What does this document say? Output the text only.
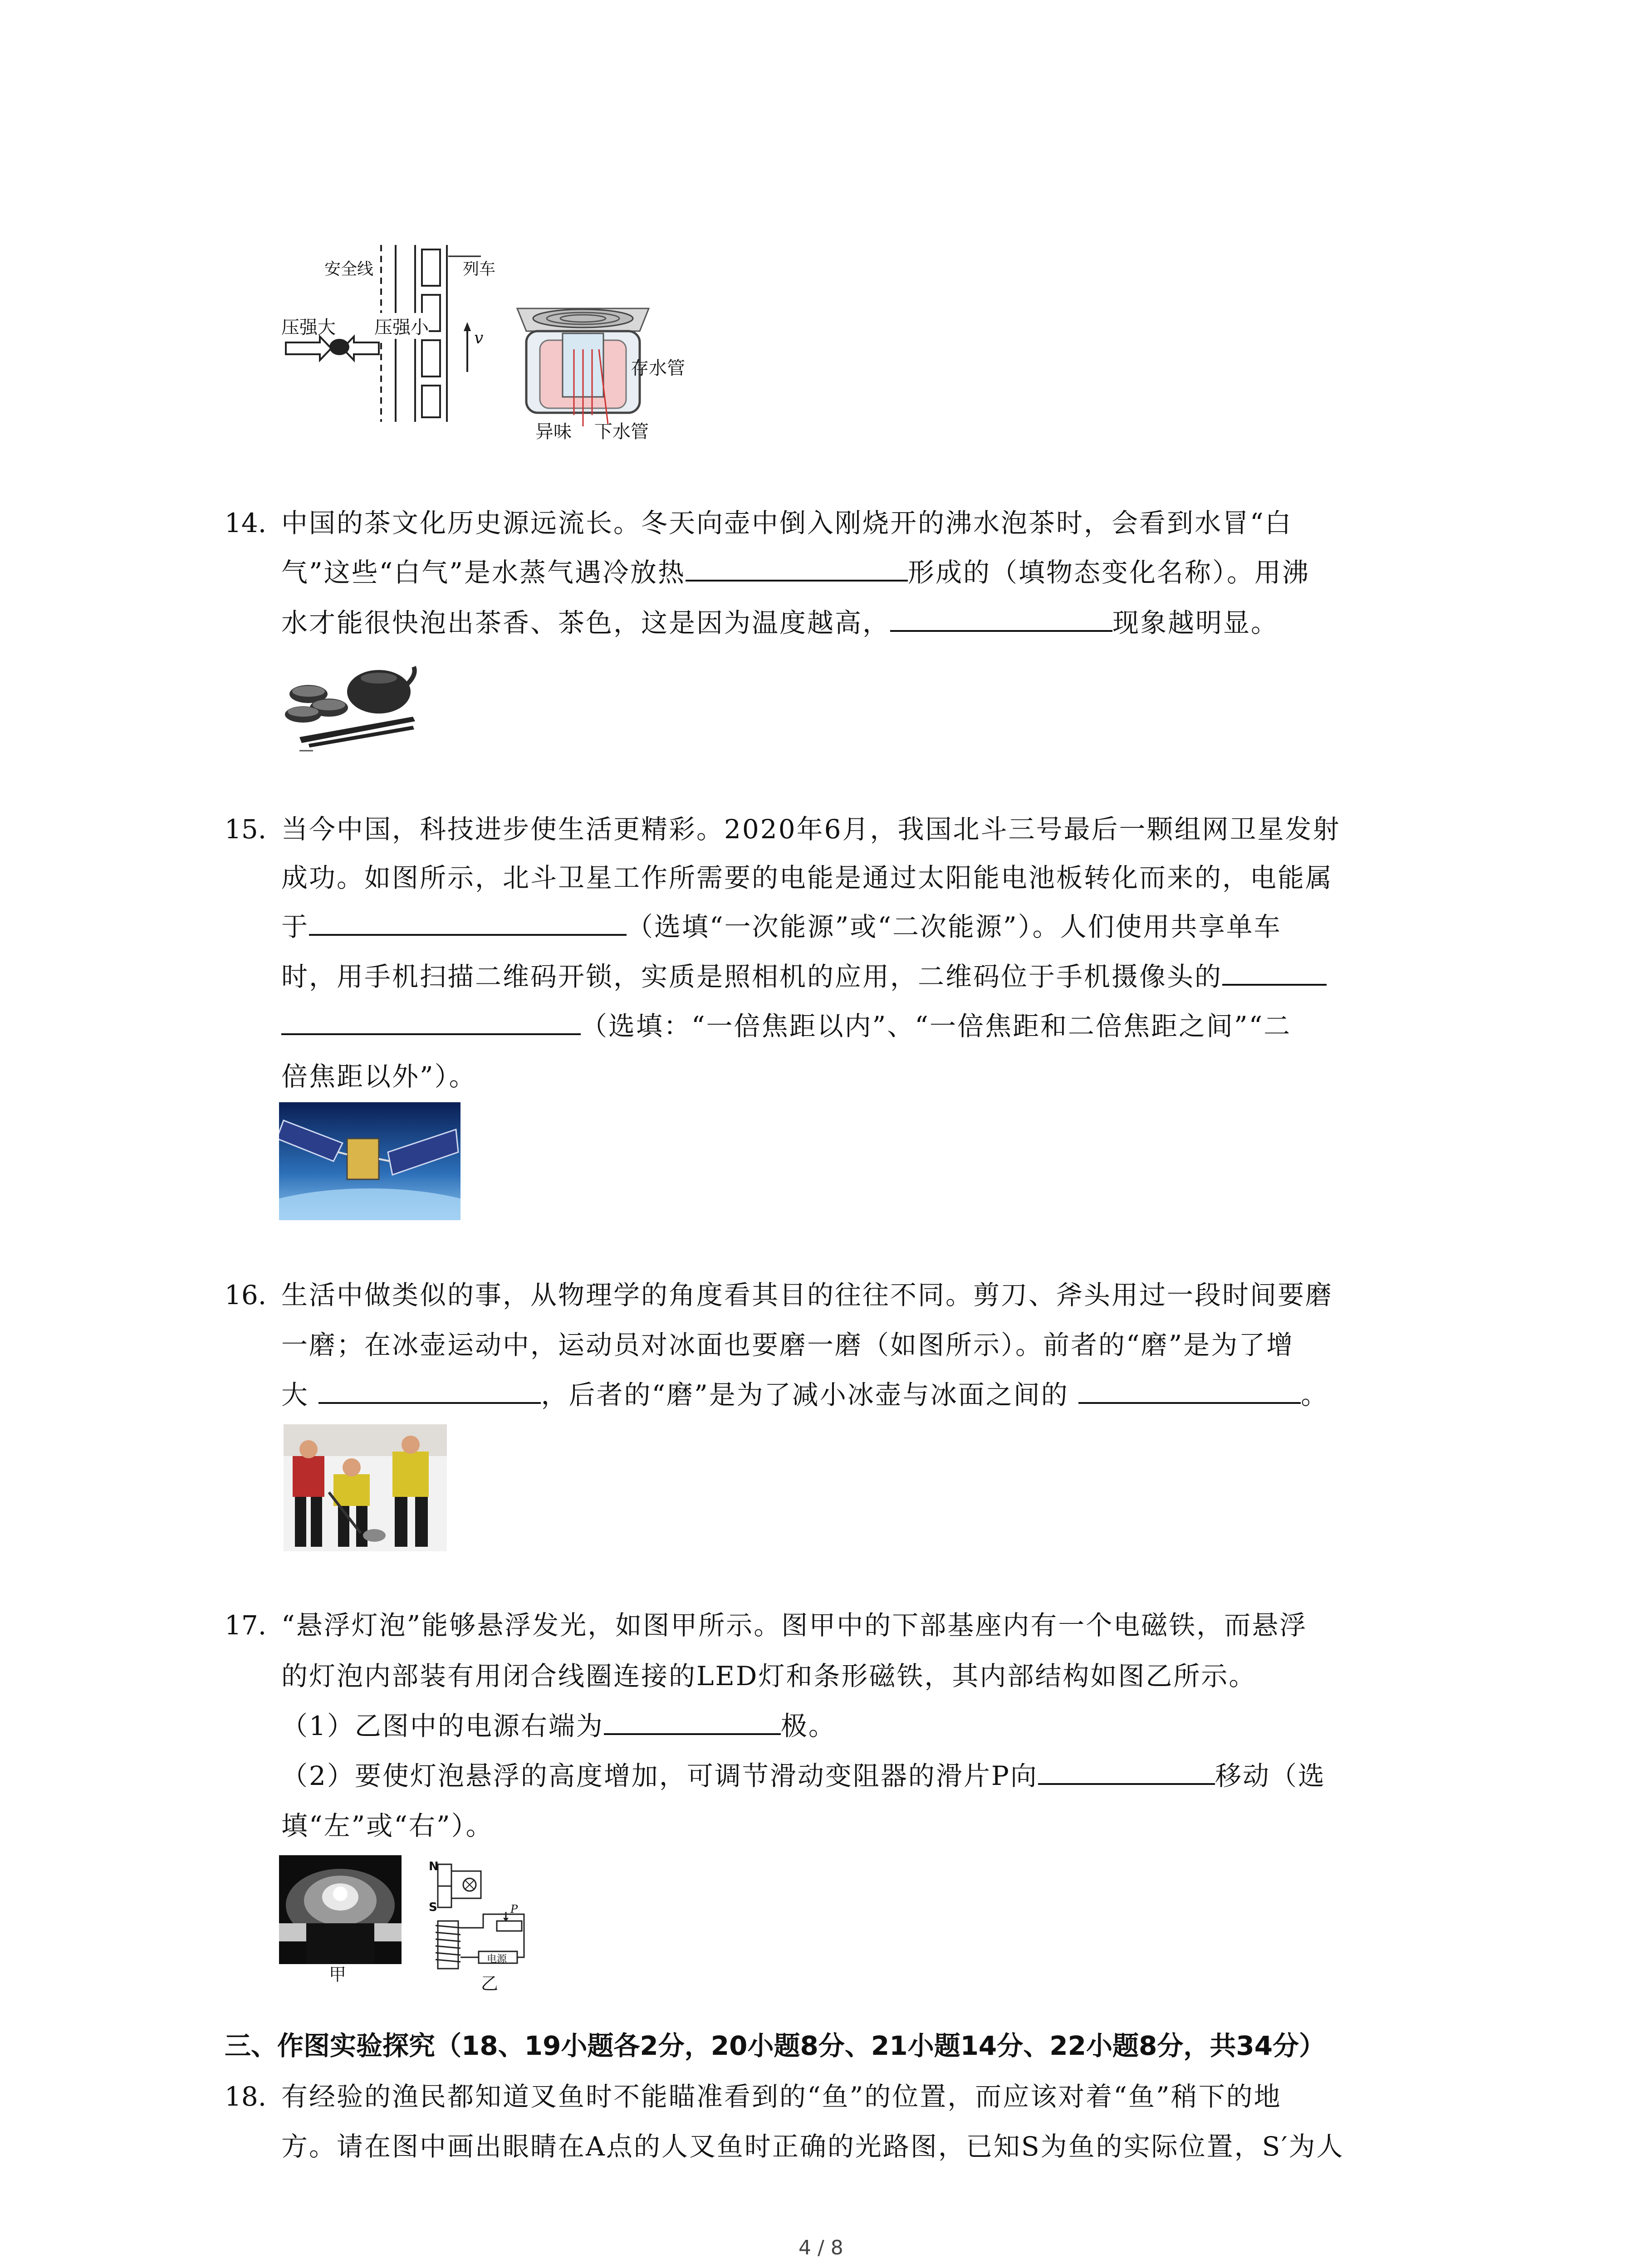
安全线	列车
压强大 压强小
v
存水管
异味 下水管
14. 中国的茶文化历史源远流长。冬天向壶中倒入刚烧开的沸水泡茶时，会看到水冒“白
气”这些“白气”是水蒸气遇冷放热	形成的（填物态变化名称）。用沸
水才能很快泡出茶香、茶色，这是因为温度越高，	现象越明显。
15. 当今中国，科技进步使生活更精彩。2020年6月，我国北斗三号最后一颗组网卫星发射
成功。如图所示，北斗卫星工作所需要的电能是通过太阳能电池板转化而来的，电能属
于	（选填“一次能源”或“二次能源”）。人们使用共享单车
时，用手机扫描二维码开锁，实质是照相机的应用，二维码位于手机摄像头的
（选填：“一倍焦距以内”、“一倍焦距和二倍焦距之间”“二
倍焦距以外”）。
16. 生活中做类似的事，从物理学的角度看其目的往往不同。剪刀、斧头用过一段时间要磨
一磨；在冰壶运动中，运动员对冰面也要磨一磨（如图所示）。前者的“磨”是为了增
大	，后者的“磨”是为了减小冰壶与冰面之间的	。
17. “悬浮灯泡”能够悬浮发光，如图甲所示。图甲中的下部基座内有一个电磁铁，而悬浮
的灯泡内部装有用闭合线圈连接的LED灯和条形磁铁，其内部结构如图乙所示。
（1）乙图中的电源右端为	极。
（2）要使灯泡悬浮的高度增加，可调节滑动变阻器的滑片P向	移动（选
填“左”或“右”）。
甲
N
S	P
电源
乙
三、作图实验探究（18、19小题各2分，20小题8分、21小题14分、22小题8分，共34分）
18. 有经验的渔民都知道叉鱼时不能瞄准看到的“鱼”的位置，而应该对着“鱼”稍下的地
方。请在图中画出眼睛在A点的人叉鱼时正确的光路图，已知S为鱼的实际位置，S′为人
4 / 8
